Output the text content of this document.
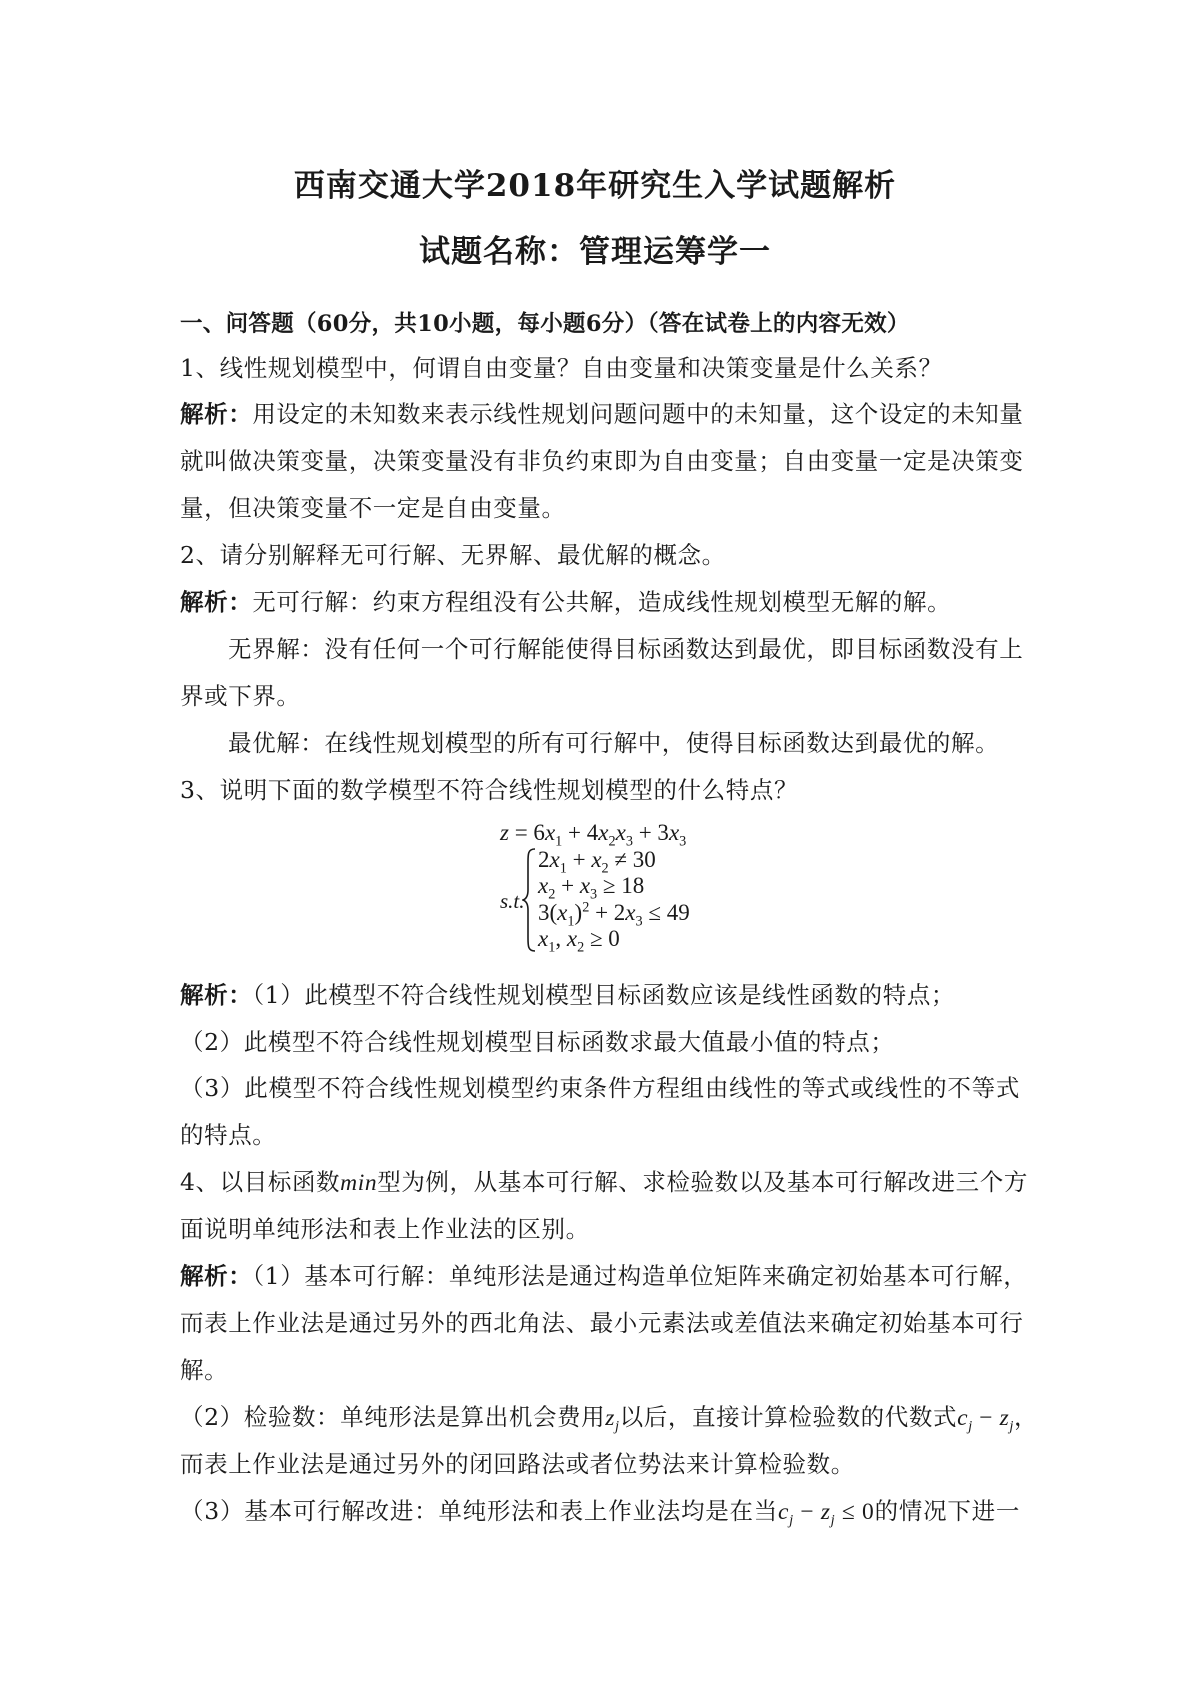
西南交通大学2018年研究生入学试题解析
试题名称：管理运筹学一
一、问答题（60分，共10小题，每小题6分）（答在试卷上的内容无效）
1、线性规划模型中，何谓自由变量？自由变量和决策变量是什么关系？
解析：用设定的未知数来表示线性规划问题问题中的未知量，这个设定的未知量
就叫做决策变量，决策变量没有非负约束即为自由变量；自由变量一定是决策变
量，但决策变量不一定是自由变量。
2、请分别解释无可行解、无界解、最优解的概念。
解析：无可行解：约束方程组没有公共解，造成线性规划模型无解的解。
无界解：没有任何一个可行解能使得目标函数达到最优，即目标函数没有上
界或下界。
最优解：在线性规划模型的所有可行解中，使得目标函数达到最优的解。
3、说明下面的数学模型不符合线性规划模型的什么特点？
$z = 6x_1 + 4x_2x_3 + 3x_3$
s.t.
$2x_1 + x_2 \ne 30$
$x_2 + x_3 \ge 18$
$3(x_1)^2 + 2x_3 \le 49$
$x_1$, $x_2 \ge 0$
解析：（1）此模型不符合线性规划模型目标函数应该是线性函数的特点；
（2）此模型不符合线性规划模型目标函数求最大值最小值的特点；
（3）此模型不符合线性规划模型约束条件方程组由线性的等式或线性的不等式
的特点。
4、以目标函数min型为例，从基本可行解、求检验数以及基本可行解改进三个方
面说明单纯形法和表上作业法的区别。
解析：（1）基本可行解：单纯形法是通过构造单位矩阵来确定初始基本可行解，
而表上作业法是通过另外的西北角法、最小元素法或差值法来确定初始基本可行
解。
（2）检验数：单纯形法是算出机会费用$z_j$以后，直接计算检验数的代数式$c_j - z_j$，
而表上作业法是通过另外的闭回路法或者位势法来计算检验数。
（3）基本可行解改进：单纯形法和表上作业法均是在当$c_j - z_j \le 0$的情况下进一
